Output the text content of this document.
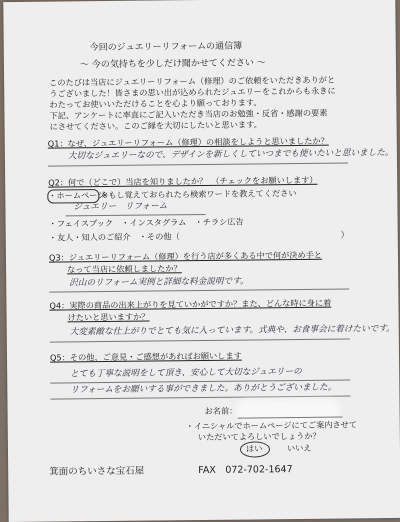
今回のジュエリーリフォームの通信簿
～ 今の気持ちを少しだけ聞かせてください ～
このたびは当店にジュエリーリフォーム（修理）のご依頼をいただきありがと
うございました！皆さまの思い出が込められたジュエリーをこれからも永きに
わたってお使いいただけることを心より願っております。
下記、アンケートに率直にご記入いただき当店のお勉強・反省・感謝の要素
にさせてください。このご縁を大切にしたいと思います。
Q1：なぜ、ジュエリーリフォーム（修理）の相談をしようと思いましたか？
大切なジュエリーなので、デザインを新しくしていつまでも使いたいと思いました。
Q2：何で（どこで）当店を知りましたか？　（チェックをお願いします）
・ホームページ
※もし覚えておられたら検索ワードを教えてください
ジュエリー　リフォーム
・フェイスブック　・インスタグラム　・チラシ広告
・友人・知人のご紹介　・その他（	）
Q3：ジュエリーリフォーム（修理）を行う店が多くある中で何が決め手と
なって当店に依頼しましたか？
沢山のリフォーム実例と詳細な料金説明です。
Q4：実際の商品の出来上がりを見ていかがですか？また、どんな時に身に着
けたいと思いますか？
大変素敵な仕上がりでとても気に入っています。式典や、お食事会に着けたいです。
Q5：その他、ご意見・ご感想があればお願いします
とても丁寧な説明をして頂き、安心して大切なジュエリーの
リフォームをお願いする事ができました。ありがとうございました。
お名前：
・イニシャルでホームページにてご案内させて
いただいてよろしいでしょうか？
はい	いいえ
箕面のちいさな宝石屋	FAX　072-702-1647
